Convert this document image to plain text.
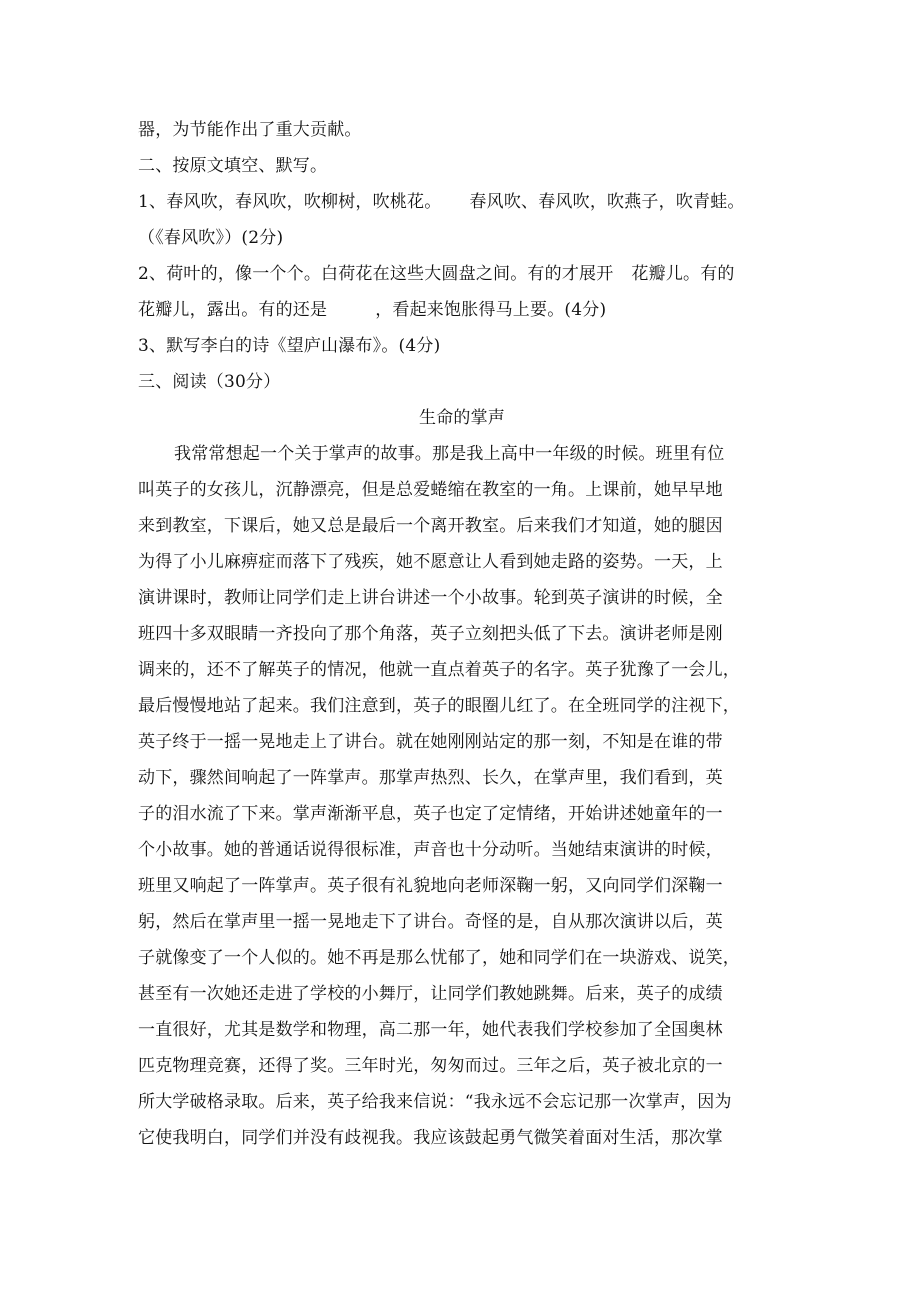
器，为节能作出了重大贡献。
二、按原文填空、默写。
1、春风吹，春风吹，吹柳树，吹桃花。 春风吹、春风吹，吹燕子，吹青蛙。
（《春风吹》）(2分)
2、荷叶的，像一个个。白荷花在这些大圆盘之间。有的才展开 花瓣儿。有的
花瓣儿，露出。有的还是	，看起来饱胀得马上要。(4分)
3、默写李白的诗《望庐山瀑布》。(4分)
三、阅读（30分）
生命的掌声
我常常想起一个关于掌声的故事。那是我上高中一年级的时候。班里有位
叫英子的女孩儿，沉静漂亮，但是总爱蜷缩在教室的一角。上课前，她早早地
来到教室，下课后，她又总是最后一个离开教室。后来我们才知道，她的腿因
为得了小儿麻痹症而落下了残疾，她不愿意让人看到她走路的姿势。一天，上
演讲课时，教师让同学们走上讲台讲述一个小故事。轮到英子演讲的时候，全
班四十多双眼睛一齐投向了那个角落，英子立刻把头低了下去。演讲老师是刚
调来的，还不了解英子的情况，他就一直点着英子的名字。英子犹豫了一会儿，
最后慢慢地站了起来。我们注意到，英子的眼圈儿红了。在全班同学的注视下，
英子终于一摇一晃地走上了讲台。就在她刚刚站定的那一刻，不知是在谁的带
动下，骤然间响起了一阵掌声。那掌声热烈、长久，在掌声里，我们看到，英
子的泪水流了下来。掌声渐渐平息，英子也定了定情绪，开始讲述她童年的一
个小故事。她的普通话说得很标准，声音也十分动听。当她结束演讲的时候，
班里又响起了一阵掌声。英子很有礼貌地向老师深鞠一躬，又向同学们深鞠一
躬，然后在掌声里一摇一晃地走下了讲台。奇怪的是，自从那次演讲以后，英
子就像变了一个人似的。她不再是那么忧郁了，她和同学们在一块游戏、说笑，
甚至有一次她还走进了学校的小舞厅，让同学们教她跳舞。后来，英子的成绩
一直很好，尤其是数学和物理，高二那一年，她代表我们学校参加了全国奥林
匹克物理竞赛，还得了奖。三年时光，匆匆而过。三年之后，英子被北京的一
所大学破格录取。后来，英子给我来信说：“我永远不会忘记那一次掌声，因为
它使我明白，同学们并没有歧视我。我应该鼓起勇气微笑着面对生活，那次掌
